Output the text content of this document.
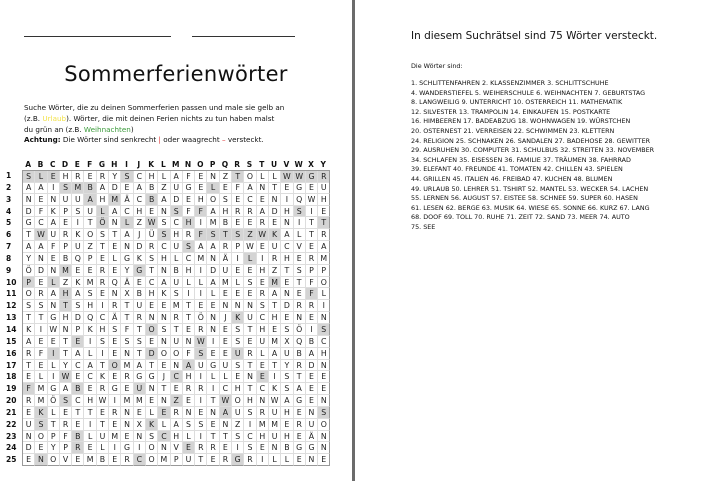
Sommerferienwörter
Suche Wörter, die zu deinen Sommerferien passen und male sie gelb an
(z.B. Urlaub). Wörter, die mit deinen Ferien nichts zu tun haben malst
du grün an (z.B. Weihnachten)
Achtung: Die Wörter sind senkrecht | oder waagrecht – versteckt.
A B C D E F G H	I	J	K L M N O P Q R S T U V W X Y
1	S L E H R E R Y S C H L A F E N Z T O L	L W W G R
2	A A	I	S M B A D E A B Z U G E L E F A N T E G E U
3	N E N U U A H M Ä C B A D E H O S E C E N	I	Q W H
4	D F K P S U L A C H E N S F F A H R R A D H S	I	E
5	G C A E	I	T Ö N L Z W S C H	I M B E E R E N	I	T T
6	T W U R K O S T A	J	Ü S H R F S T S Z W K A L T R
7	A A F P U Z T E N D R C U S A A R P W E U C V E A
8	Y N E B Q P E L G K S H L C M N Ä	I	L	I	R H E R M
9	Ö D N M E E R E Y G T N B H	I	D U E E H Z T S P P
10	P E L Z K M R Q Ä E C A U L	L A M L S E M E T F O
11	O R A H A S E N X B H K S	I	I	L E E E R A N E F	L
12	S S N T S H	I	R T U E E M T E E N N N S T D R R	I
13	T T G H D Q C Ä T R N N R T Ö N	J	K U C H E N E N
14	K	I W N P K H S F T O S T E R N E S T H E S Ö	I	S
15	A E E T E	I	S E S S E N U N W I	E S E U M X Q B C
16	R F	I	T A L	I	E N T D O O F S E E U R L A U B A H
17	T E L Y C A T O M A T E N A U G U S T E T Y R D N
18	E L	I W E C K E R G G	J	C H	I	L	L E N E	I	S T E E
19	F M G A B E R G E U N T E R R	I	C H T C K S A E E
20	R M Ö S C H W I M M E N Z E	I	T W O H N W A G E N
21	E K L E T T E R N E L E R N E N A U S R U H E N S
22	U S T R E	I	T E N X K L A S S E N Z	I M M E R U O
23	N O P F B L U M E N S C H L	I	T T S C H U H E Ä N
24	D E Y P R E L	I	G	I	O N V E R R E	I	S E N B G G N
25	E N O V E M B E R C O M P U T E R G R	I	L	L E N E
In diesem Suchrätsel sind 75 Wörter versteckt.
Die Wörter sind:
1. SCHLITTENFAHREN 2. KLASSENZIMMER 3. SCHLITTSCHUHE
4. WANDERSTIEFEL 5. WEIHERSCHULE 6. WEIHNACHTEN 7. GEBURTSTAG
8. LANGWEILIG 9. UNTERRICHT 10. OSTERREICH 11. MATHEMATIK
12. SILVESTER 13. TRAMPOLIN 14. EINKAUFEN 15. POSTKARTE
16. HIMBEEREN 17. BADEABZUG 18. WOHNWAGEN 19. WÜRSTCHEN
20. OSTERNEST 21. VERREISEN 22. SCHWIMMEN 23. KLETTERN
24. RELIGION 25. SCHNAKEN 26. SANDALEN 27. BADEHOSE 28. GEWITTER
29. AUSRUHEN 30. COMPUTER 31. SCHULBUS 32. STREITEN 33. NOVEMBER
34. SCHLAFEN 35. EISESSEN 36. FAMILIE 37. TRÄUMEN 38. FAHRRAD
39. ELEFANT 40. FREUNDE 41. TOMATEN 42. CHILLEN 43. SPIELEN
44. GRILLEN 45. ITALIEN 46. FREIBAD 47. KUCHEN 48. BLUMEN
49. URLAUB 50. LEHRER 51. TSHIRT 52. MANTEL 53. WECKER 54. LACHEN
55. LERNEN 56. AUGUST 57. EISTEE 58. SCHNEE 59. SUPER 60. HASEN
61. LESEN 62. BERGE 63. MUSIK 64. WIESE 65. SONNE 66. KURZ 67. LANG
68. DOOF 69. TOLL 70. RUHE 71. ZEIT 72. SAND 73. MEER 74. AUTO
75. SEE
